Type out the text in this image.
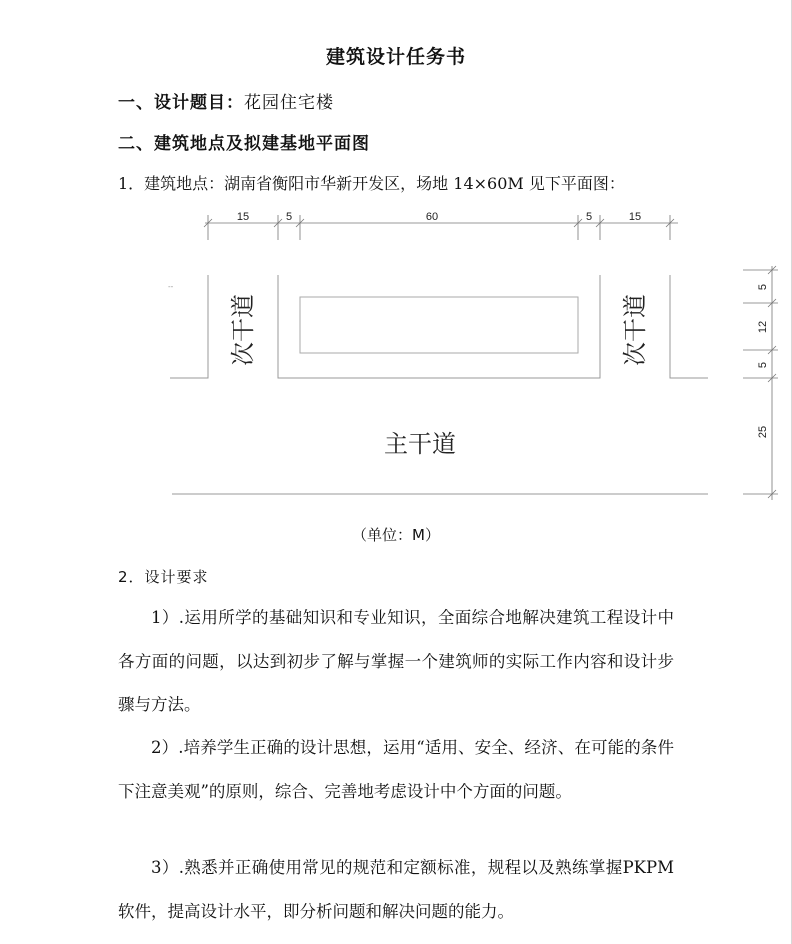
建筑设计任务书
一、设计题目：花园住宅楼
二、建筑地点及拟建基地平面图
1．建筑地点：湖南省衡阳市华新开发区，场地 14×60M 见下平面图：
15	5	60	5	15
5
12
5
25
--
次干道	次干道
主干道
（单位：M）
2．设计要求

1）.运用所学的基础知识和专业知识，全面综合地解决建筑工程设计中各方面的问题，以达到初步了解与掌握一个建筑师的实际工作内容和设计步骤与方法。

2）.培养学生正确的设计思想，运用“适用、安全、经济、在可能的条件下注意美观”的原则，综合、完善地考虑设计中个方面的问题。

3）.熟悉并正确使用常见的规范和定额标准，规程以及熟练掌握PKPM 软件，提高设计水平，即分析问题和解决问题的能力。
